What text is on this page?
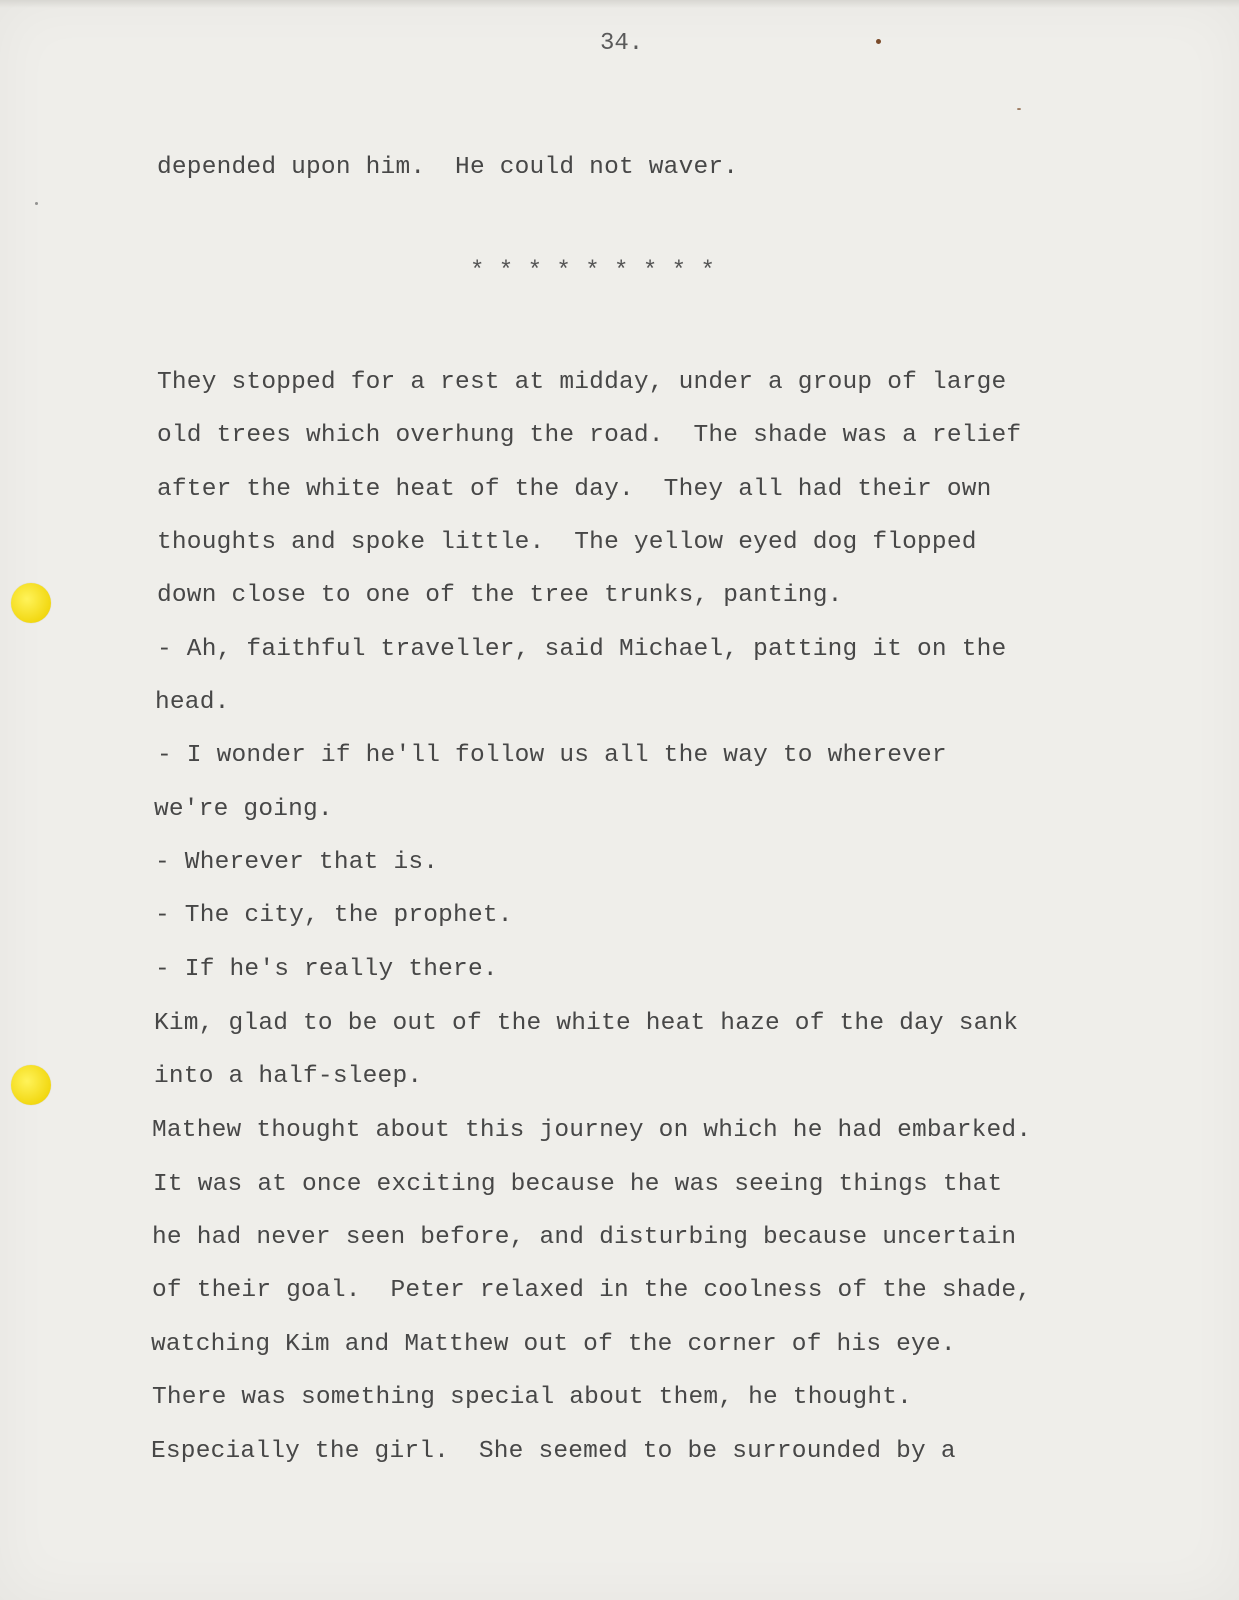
34.
depended upon him.  He could not waver.
* * * * * * * * *
They stopped for a rest at midday, under a group of large
old trees which overhung the road.  The shade was a relief
after the white heat of the day.  They all had their own
thoughts and spoke little.  The yellow eyed dog flopped
down close to one of the tree trunks, panting.
- Ah, faithful traveller, said Michael, patting it on the
head.
- I wonder if he'll follow us all the way to wherever
we're going.
- Wherever that is.
- The city, the prophet.
- If he's really there.
Kim, glad to be out of the white heat haze of the day sank
into a half-sleep.
Mathew thought about this journey on which he had embarked.
It was at once exciting because he was seeing things that
he had never seen before, and disturbing because uncertain
of their goal.  Peter relaxed in the coolness of the shade,
watching Kim and Matthew out of the corner of his eye.
There was something special about them, he thought.
Especially the girl.  She seemed to be surrounded by a
